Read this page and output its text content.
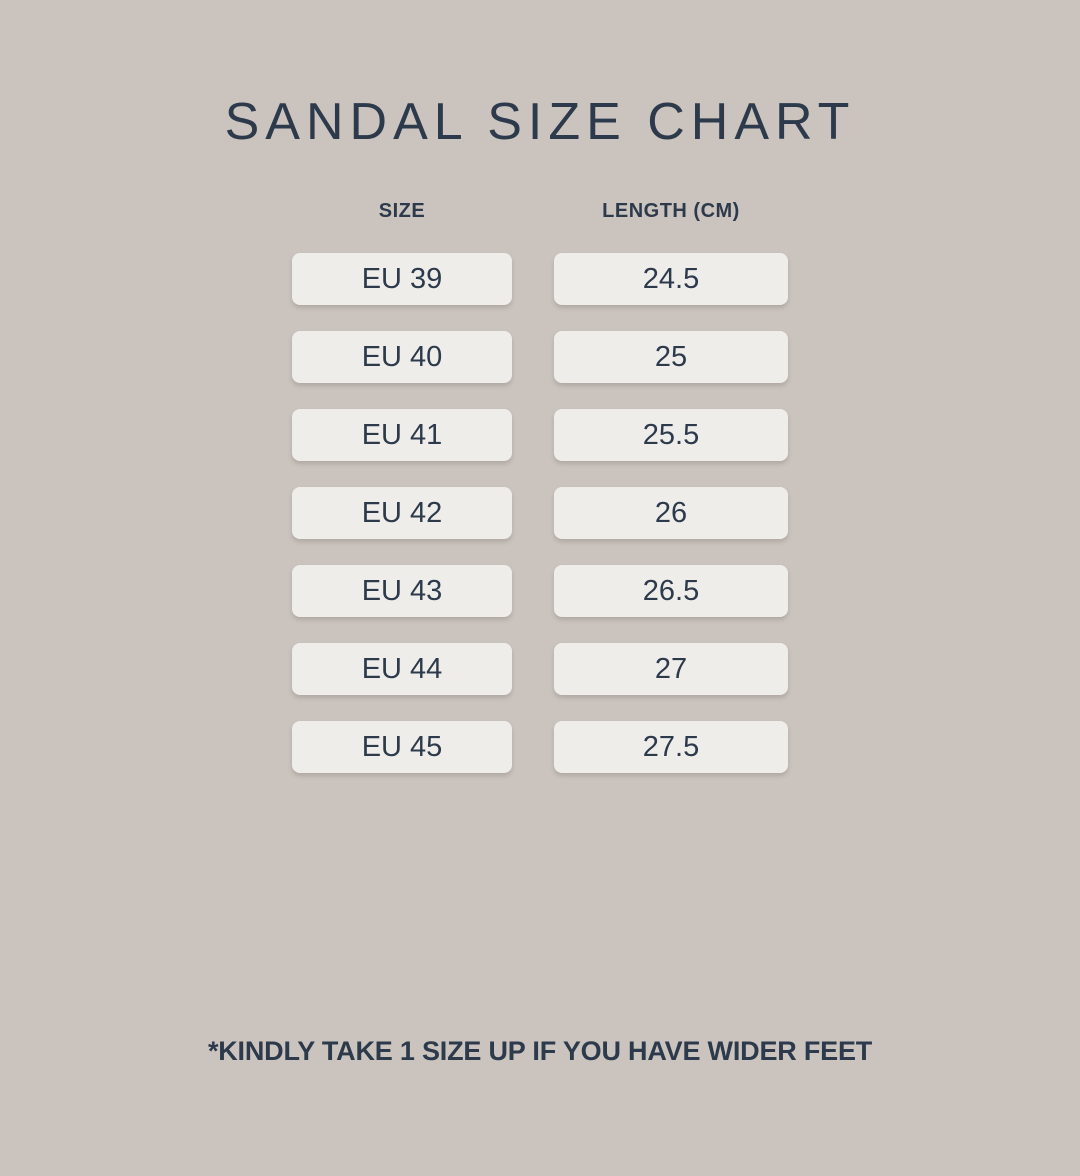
SANDAL SIZE CHART
SIZE	LENGTH (CM)
EU 39	24.5
EU 40	25
EU 41	25.5
EU 42	26
EU 43	26.5
EU 44	27
EU 45	27.5
*KINDLY TAKE 1 SIZE UP IF YOU HAVE WIDER FEET
